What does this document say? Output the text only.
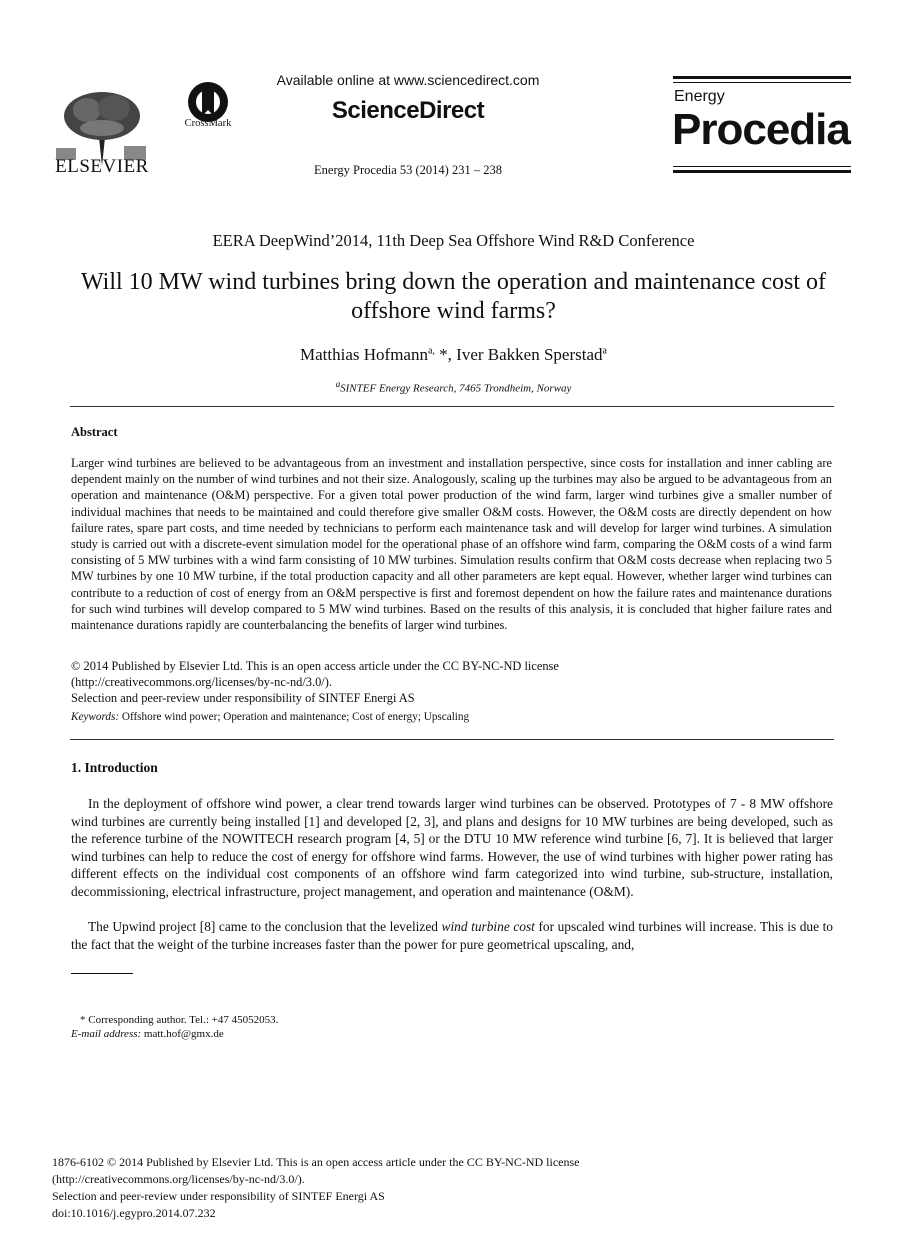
ELSEVIER
CrossMark
Available online at www.sciencedirect.com
ScienceDirect
Energy Procedia 53 (2014) 231 – 238
Energy
Procedia
EERA DeepWind’2014, 11th Deep Sea Offshore Wind R&D Conference
Will 10 MW wind turbines bring down the operation and maintenance cost of offshore wind farms?
Matthias Hofmann$^{a,}$ *, Iver Bakken Sperstad$^a$
$^a$SINTEF Energy Research, 7465 Trondheim, Norway
Abstract
Larger wind turbines are believed to be advantageous from an investment and installation perspective, since costs for installation and inner cabling are dependent mainly on the number of wind turbines and not their size. Analogously, scaling up the turbines may also be argued to be advantageous from an operation and maintenance (O&M) perspective. For a given total power production of the wind farm, larger wind turbines give a smaller number of individual machines that needs to be maintained and could therefore give smaller O&M costs. However, the O&M costs are directly dependent on how failure rates, spare part costs, and time needed by technicians to perform each maintenance task and will develop for larger wind turbines. A simulation study is carried out with a discrete-event simulation model for the operational phase of an offshore wind farm, comparing the O&M costs of a wind farm consisting of 5 MW turbines with a wind farm consisting of 10 MW turbines. Simulation results confirm that O&M costs decrease when replacing two 5 MW turbines by one 10 MW turbine, if the total production capacity and all other parameters are kept equal. However, whether larger wind turbines can contribute to a reduction of cost of energy from an O&M perspective is first and foremost dependent on how the failure rates and maintenance durations for such wind turbines will develop compared to 5 MW wind turbines. Based on the results of this analysis, it is concluded that higher failure rates and maintenance durations rapidly are counterbalancing the benefits of larger wind turbines.
© 2014 Published by Elsevier Ltd. This is an open access article under the CC BY-NC-ND license
(http://creativecommons.org/licenses/by-nc-nd/3.0/).
Selection and peer-review under responsibility of SINTEF Energi AS
Keywords: Offshore wind power; Operation and maintenance; Cost of energy; Upscaling
1. Introduction
In the deployment of offshore wind power, a clear trend towards larger wind turbines can be observed. Prototypes of 7 - 8 MW offshore wind turbines are currently being installed [1] and developed [2, 3], and plans and designs for 10 MW turbines are being developed, such as the reference turbine of the NOWITECH research program [4, 5] or the DTU 10 MW reference wind turbine [6, 7]. It is believed that larger wind turbines can help to reduce the cost of energy for offshore wind farms. However, the use of wind turbines with higher power rating has different effects on the individual cost components of an offshore wind farm categorized into wind turbine, sub-structure, installation, decommissioning, electrical infrastructure, project management, and operation and maintenance (O&M).
The Upwind project [8] came to the conclusion that the levelized wind turbine cost for upscaled wind turbines will increase. This is due to the fact that the weight of the turbine increases faster than the power for pure geometrical upscaling, and,
* Corresponding author. Tel.: +47 45052053.
E-mail address: matt.hof@gmx.de
1876-6102 © 2014 Published by Elsevier Ltd. This is an open access article under the CC BY-NC-ND license
(http://creativecommons.org/licenses/by-nc-nd/3.0/).
Selection and peer-review under responsibility of SINTEF Energi AS
doi:10.1016/j.egypro.2014.07.232
